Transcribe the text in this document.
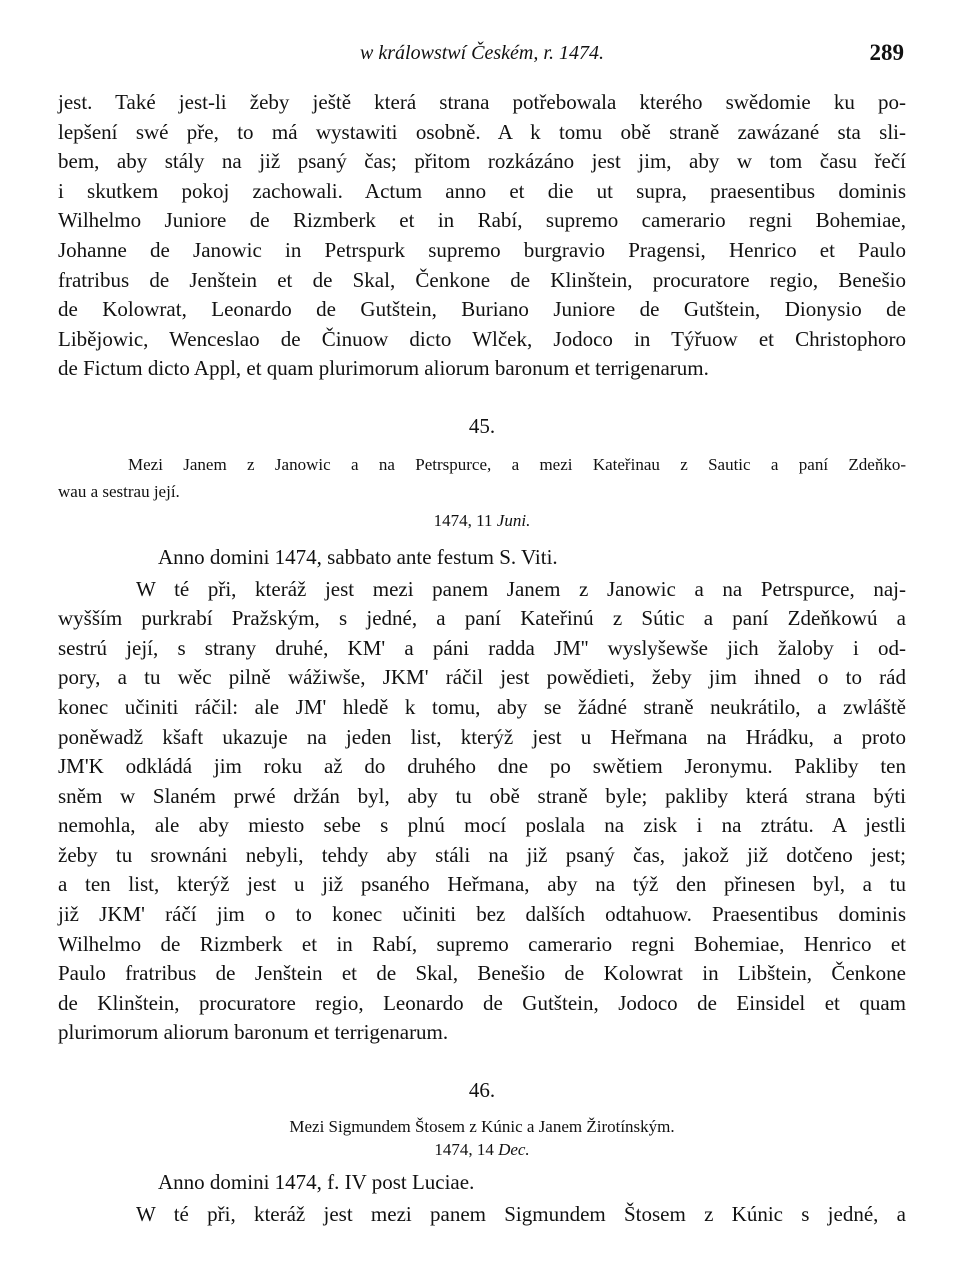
w králowstwí Českém, r. 1474.	289
jest. Také jest-li žeby ještě která strana potřebowala kterého swědomie ku po-
lepšení swé pře, to má wystawiti osobně. A k tomu obě straně zawázané sta sli-
bem, aby stály na již psaný čas; přitom rozkázáno jest jim, aby w tom času řečí
i skutkem pokoj zachowali. Actum anno et die ut supra, praesentibus dominis
Wilhelmo Juniore de Rizmberk et in Rabí, supremo camerario regni Bohemiae,
Johanne de Janowic in Petrspurk supremo burgravio Pragensi, Henrico et Paulo
fratribus de Jenštein et de Skal, Čenkone de Klinštein, procuratore regio, Benešio
de Kolowrat, Leonardo de Gutštein, Buriano Juniore de Gutštein, Dionysio de
Libějowic, Wenceslao de Činuow dicto Wlček, Jodoco in Týřuow et Christophoro
de Fictum dicto Appl, et quam plurimorum aliorum baronum et terrigenarum.
45.
Mezi Janem z Janowic a na Petrspurce, a mezi Kateřinau z Sautic a paní Zdeňko-
wau a sestrau její.
1474, 11 Juni.
Anno domini 1474, sabbato ante festum S. Viti.
W té při, kteráž jest mezi panem Janem z Janowic a na Petrspurce, naj-
wyšším purkrabí Pražským, s jedné, a paní Kateřinú z Sútic a paní Zdeňkowú a
sestrú její, s strany druhé, KM' a páni radda JM'' wyslyšewše jich žaloby i od-
pory, a tu wěc pilně wážiwše, JKM' ráčil jest powědieti, žeby jim ihned o to rád
konec učiniti ráčil: ale JM' hledě k tomu, aby se žádné straně neukrátilo, a zwláště
poněwadž kšaft ukazuje na jeden list, kterýž jest u Heřmana na Hrádku, a proto
JM'K odkládá jim roku až do druhého dne po swětiem Jeronymu. Pakliby ten
sněm w Slaném prwé držán byl, aby tu obě straně byle; pakliby která strana býti
nemohla, ale aby miesto sebe s plnú mocí poslala na zisk i na ztrátu. A jestli
žeby tu srownáni nebyli, tehdy aby stáli na již psaný čas, jakož již dotčeno jest;
a ten list, kterýž jest u již psaného Heřmana, aby na týž den přinesen byl, a tu
již JKM' ráčí jim o to konec učiniti bez dalších odtahuow. Praesentibus dominis
Wilhelmo de Rizmberk et in Rabí, supremo camerario regni Bohemiae, Henrico et
Paulo fratribus de Jenštein et de Skal, Benešio de Kolowrat in Libštein, Čenkone
de Klinštein, procuratore regio, Leonardo de Gutštein, Jodoco de Einsidel et quam
plurimorum aliorum baronum et terrigenarum.
46.
Mezi Sigmundem Štosem z Kúnic a Janem Žirotínským.
1474, 14 Dec.
Anno domini 1474, f. IV post Luciae.
W té při, kteráž jest mezi panem Sigmundem Štosem z Kúnic s jedné, a
